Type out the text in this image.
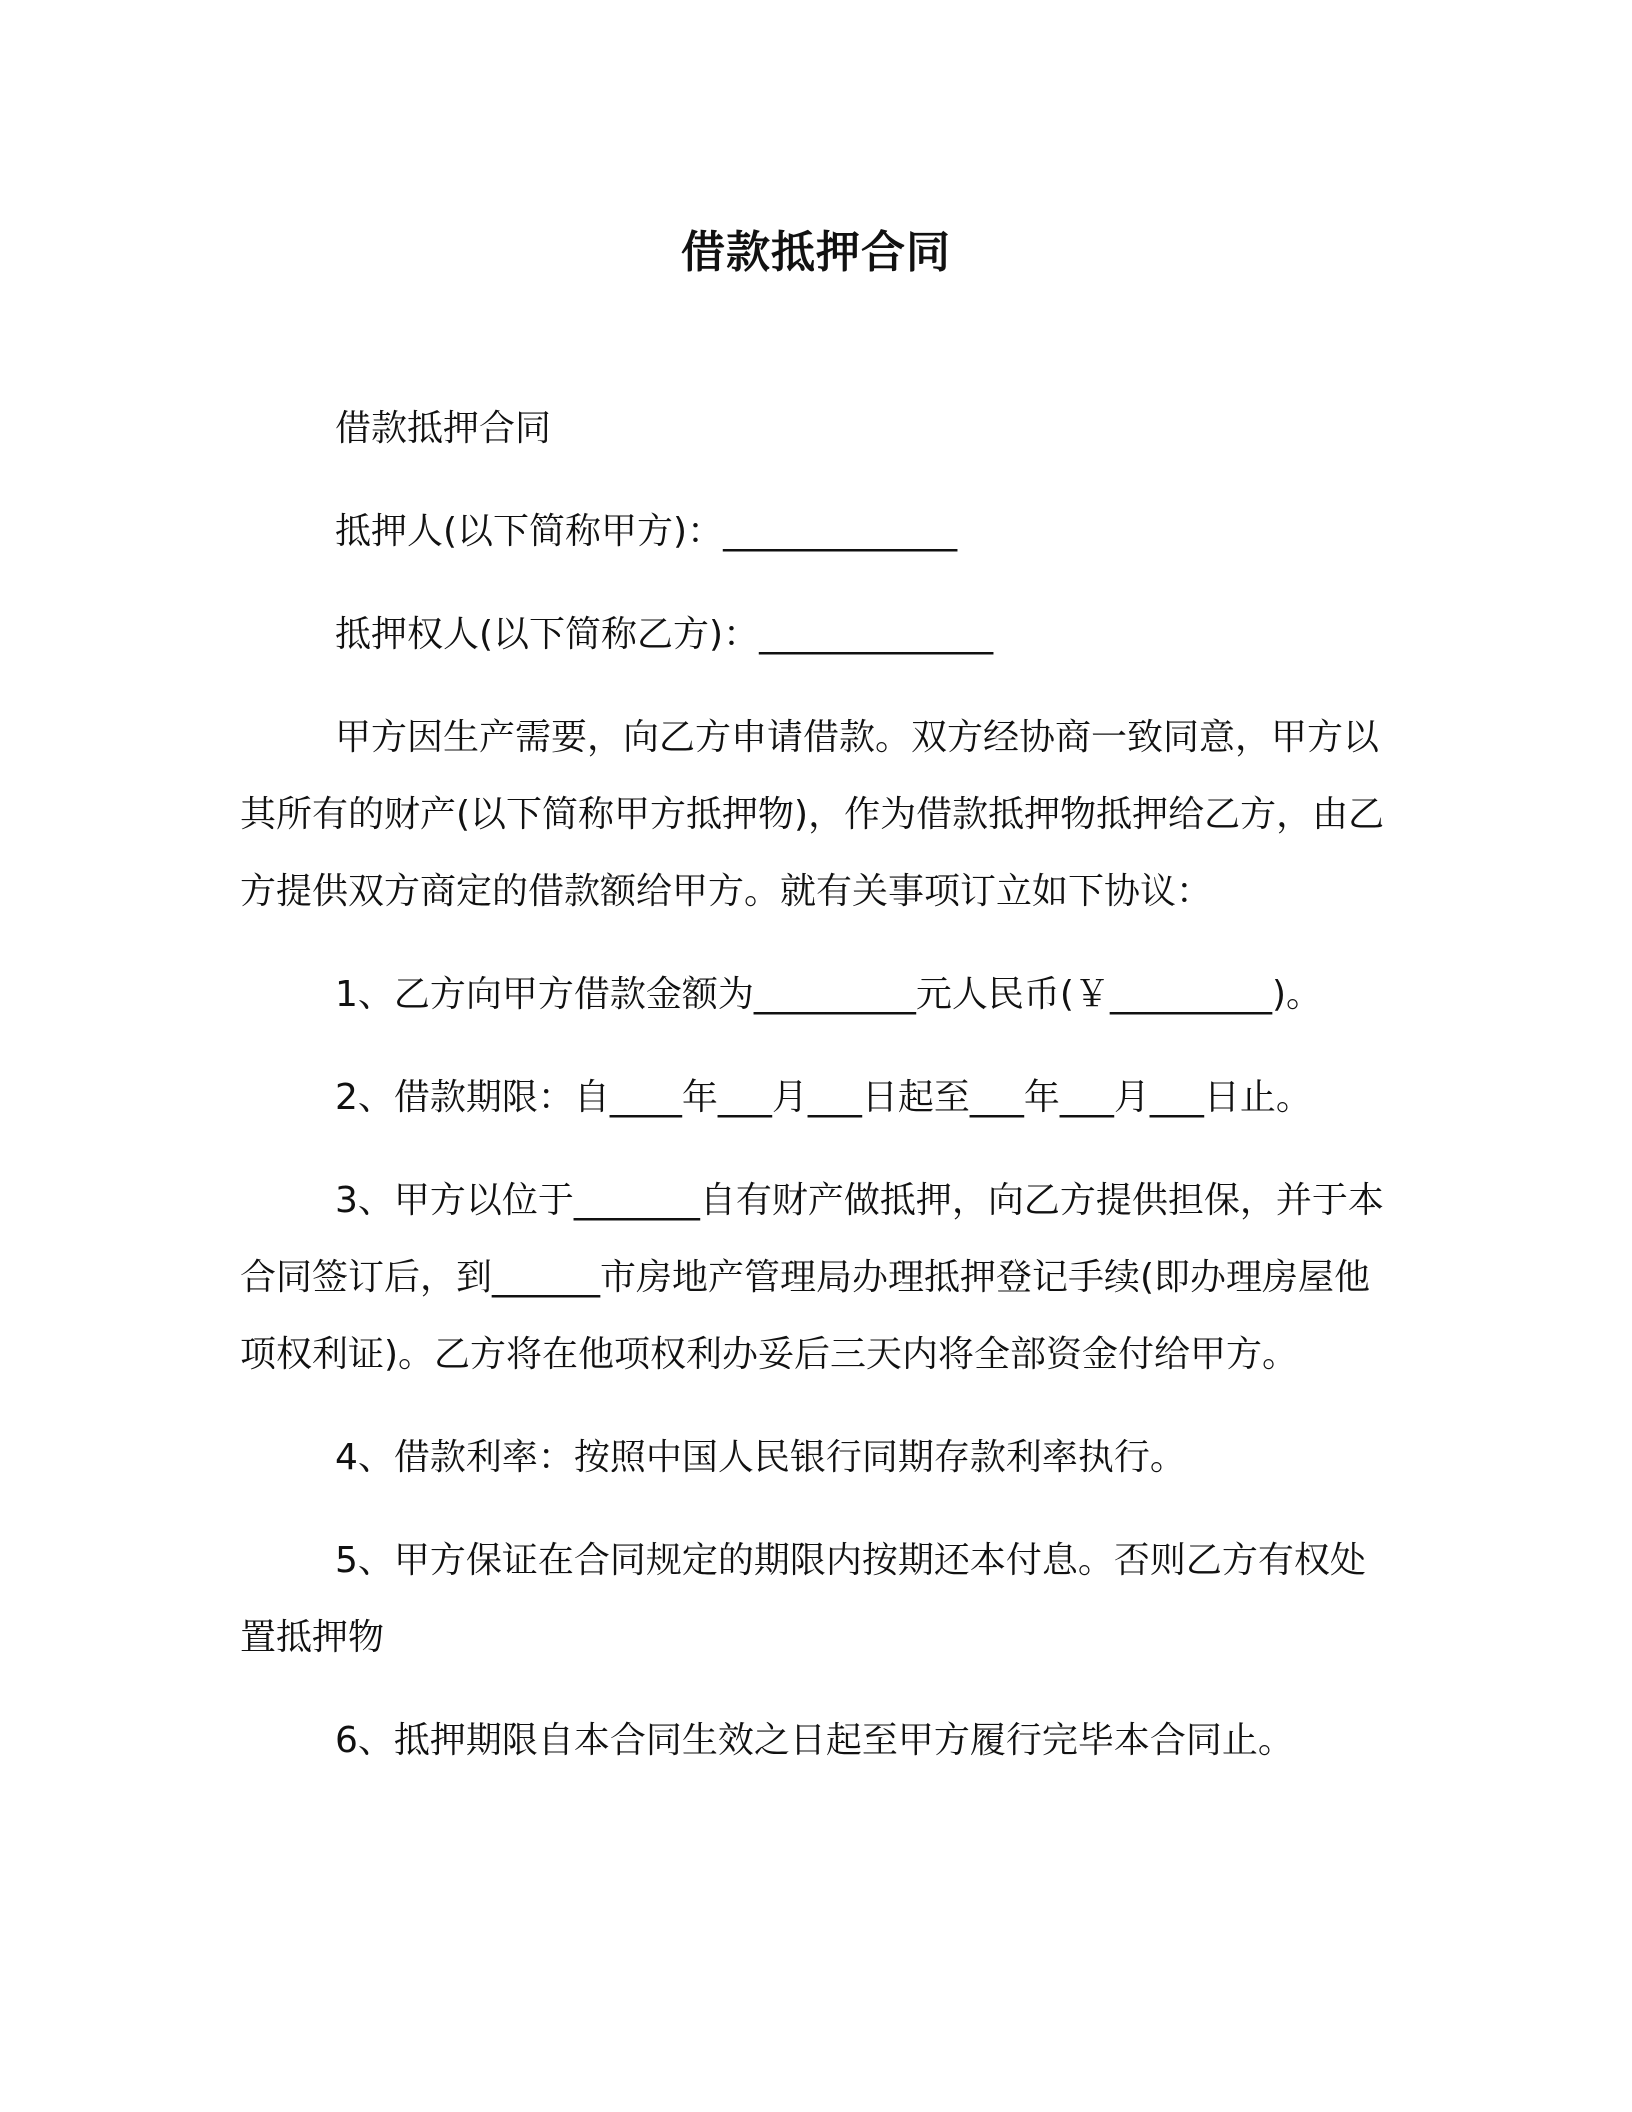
借款抵押合同

借款抵押合同

抵押人(以下简称甲方)：_____________

抵押权人(以下简称乙方)：_____________

甲方因生产需要，向乙方申请借款。双方经协商一致同意，甲方以其所有的财产(以下简称甲方抵押物)，作为借款抵押物抵押给乙方，由乙方提供双方商定的借款额给甲方。就有关事项订立如下协议：

1、乙方向甲方借款金额为_________元人民币(￥_________)。

2、借款期限：自____年___月___日起至___年___月___日止。

3、甲方以位于_______自有财产做抵押，向乙方提供担保，并于本合同签订后，到______市房地产管理局办理抵押登记手续(即办理房屋他项权利证)。乙方将在他项权利办妥后三天内将全部资金付给甲方。

4、借款利率：按照中国人民银行同期存款利率执行。

5、甲方保证在合同规定的期限内按期还本付息。否则乙方有权处置抵押物

6、抵押期限自本合同生效之日起至甲方履行完毕本合同止。
